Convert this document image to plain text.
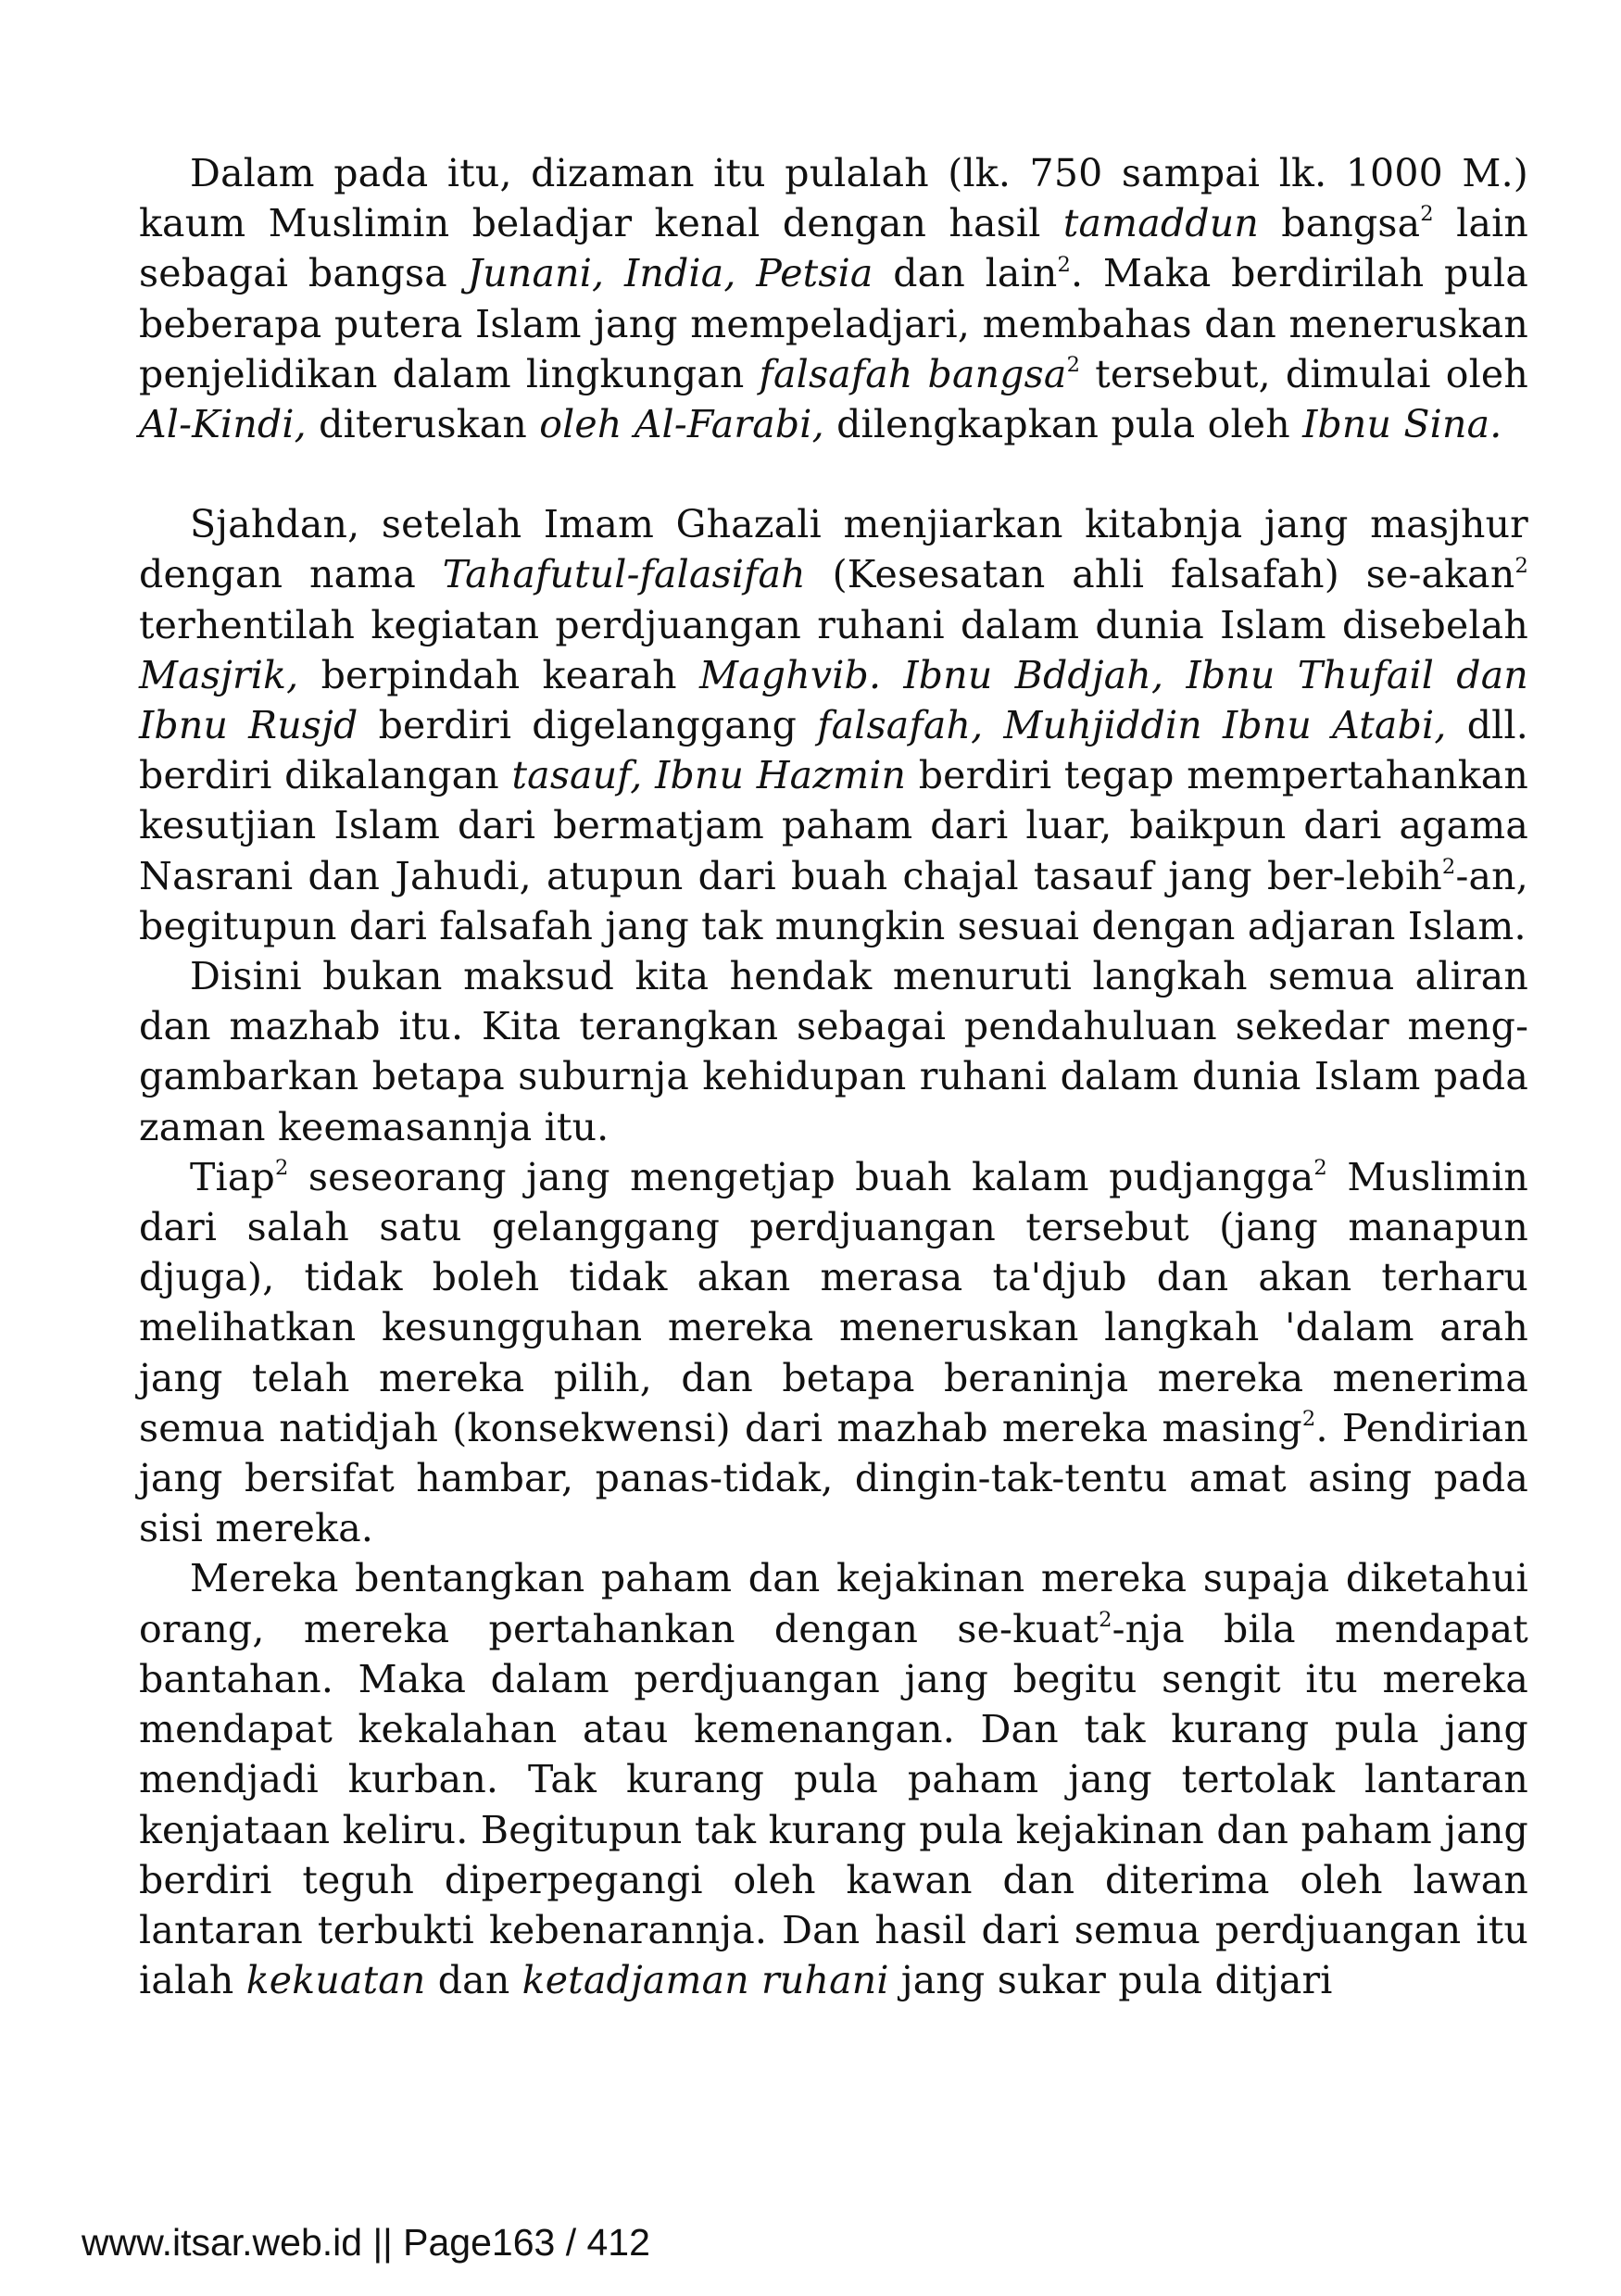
Dalam pada itu, dizaman itu pulalah (lk. 750 sampai lk. 1000 M.) kaum Muslimin beladjar kenal dengan hasil tamaddun bangsa$^2$ lain sebagai bangsa Junani, India, Petsia dan lain$^2$. Maka berdirilah pula beberapa putera Islam jang mempeladjari, membahas dan meneruskan penjelidikan dalam lingkungan falsafah bangsa$^2$ tersebut, dimulai oleh Al-Kindi, diteruskan oleh Al-Farabi, dilengkapkan pula oleh Ibnu Sina.

Sjahdan, setelah Imam Ghazali menjiarkan kitabnja jang masjhur dengan nama Tahafutul-falasifah (Kesesatan ahli falsafah) se-akan$^2$ terhentilah kegiatan perdjuangan ruhani dalam dunia Islam disebelah Masjrik, berpindah kearah Maghvib. Ibnu Bddjah, Ibnu Thufail dan Ibnu Rusjd berdiri digelanggang falsafah, Muhjiddin Ibnu Atabi, dll. berdiri dikalangan tasauf, Ibnu Hazmin berdiri tegap mempertahankan kesutjian Islam dari bermatjam paham dari luar, baikpun dari agama Nasrani dan Jahudi, atupun dari buah chajal tasauf jang ber-lebih$^2$-an, begitupun dari falsafah jang tak mungkin sesuai dengan adjaran Islam.

Disini bukan maksud kita hendak menuruti langkah semua aliran dan mazhab itu. Kita terangkan sebagai pendahuluan sekedar menggambarkan betapa suburnja kehidupan ruhani dalam dunia Islam pada zaman keemasannja itu.

Tiap$^2$ seseorang jang mengetjap buah kalam pudjangga$^2$ Muslimin dari salah satu gelanggang perdjuangan tersebut (jang manapun djuga), tidak boleh tidak akan merasa ta'djub dan akan terharu melihatkan kesungguhan mereka meneruskan langkah 'dalam arah jang telah mereka pilih, dan betapa beraninja mereka menerima semua natidjah (konsekwensi) dari mazhab mereka masing$^2$. Pendirian jang bersifat hambar, panas-tidak, dingin-tak-tentu amat asing pada sisi mereka.

Mereka bentangkan paham dan kejakinan mereka supaja diketahui orang, mereka pertahankan dengan se-kuat$^2$-nja bila mendapat bantahan. Maka dalam perdjuangan jang begitu sengit itu mereka mendapat kekalahan atau kemenangan. Dan tak kurang pula jang mendjadi kurban. Tak kurang pula paham jang tertolak lantaran kenjataan keliru. Begitupun tak kurang pula kejakinan dan paham jang berdiri teguh diperpegangi oleh kawan dan diterima oleh lawan lantaran terbukti kebenarannja. Dan hasil dari semua perdjuangan itu ialah kekuatan dan ketadjaman ruhani jang sukar pula ditjari

www.itsar.web.id || Page163 / 412
